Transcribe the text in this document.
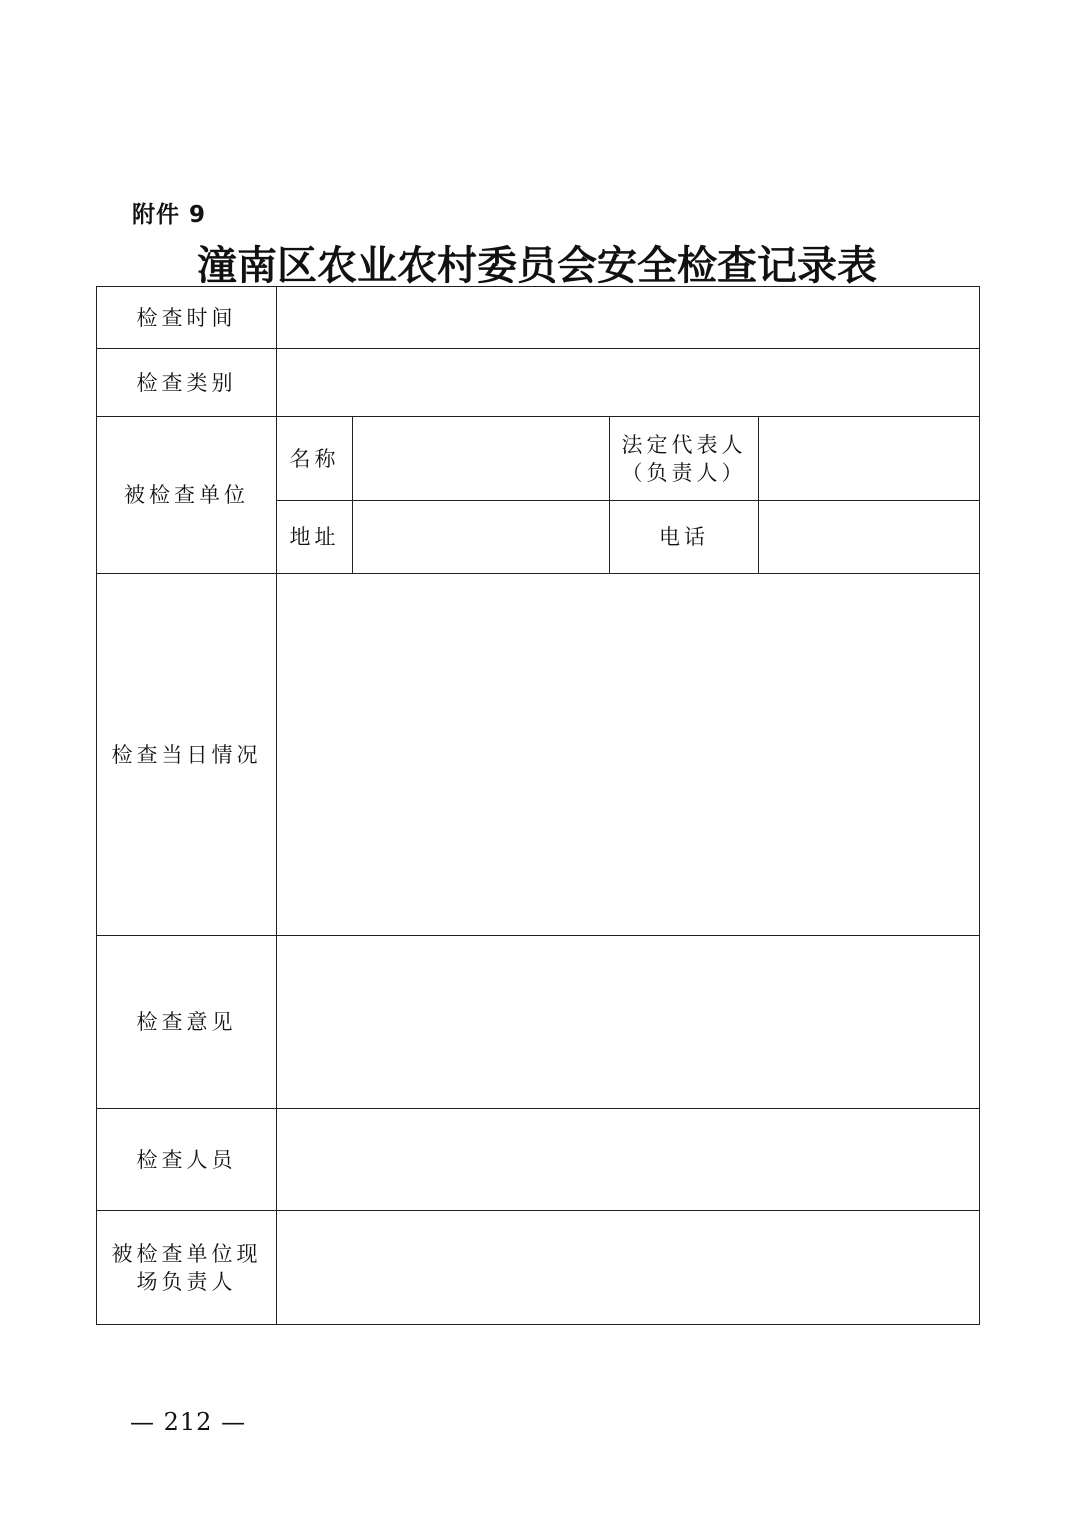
附件 9
潼南区农业农村委员会安全检查记录表
检查时间				
检查类别				
被检查单位	名称		法定代表人
（负责人）	

	地址		电话	
检查当日情况				
检查意见				
检查人员				

被检查单位现
场负责人				

— 212 —
